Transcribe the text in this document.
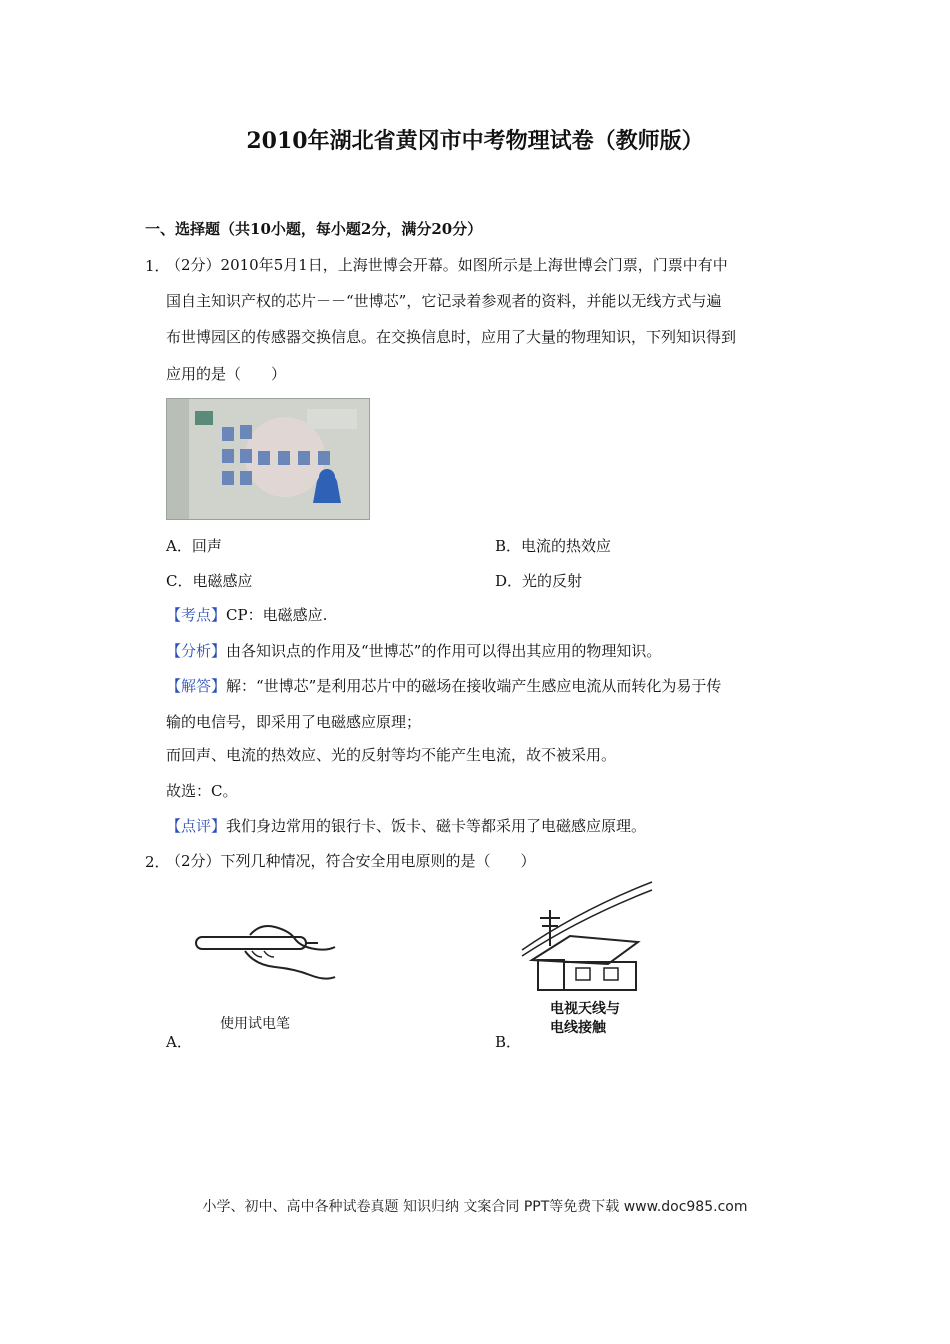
2010年湖北省黄冈市中考物理试卷（教师版）
一、选择题（共10小题，每小题2分，满分20分）
1．
（2分）2010年5月1日，上海世博会开幕。如图所示是上海世博会门票，门票中有中
国自主知识产权的芯片－－“世博芯”，它记录着参观者的资料，并能以无线方式与遍
布世博园区的传感器交换信息。在交换信息时，应用了大量的物理知识，下列知识得到
应用的是（　　）
A．回声	B．电流的热效应
C．电磁感应	D．光的反射
【考点】CP：电磁感应.
【分析】由各知识点的作用及“世博芯”的作用可以得出其应用的物理知识。
【解答】解：“世博芯”是利用芯片中的磁场在接收端产生感应电流从而转化为易于传
输的电信号，即采用了电磁感应原理；
而回声、电流的热效应、光的反射等均不能产生电流，故不被采用。
故选：C。
【点评】我们身边常用的银行卡、饭卡、磁卡等都采用了电磁感应原理。
2．
（2分）下列几种情况，符合安全用电原则的是（　　）
使用试电笔
A．
电视天线与
电线接触
B．
小学、初中、高中各种试卷真题 知识归纳 文案合同 PPT等免费下载 www.doc985.com
